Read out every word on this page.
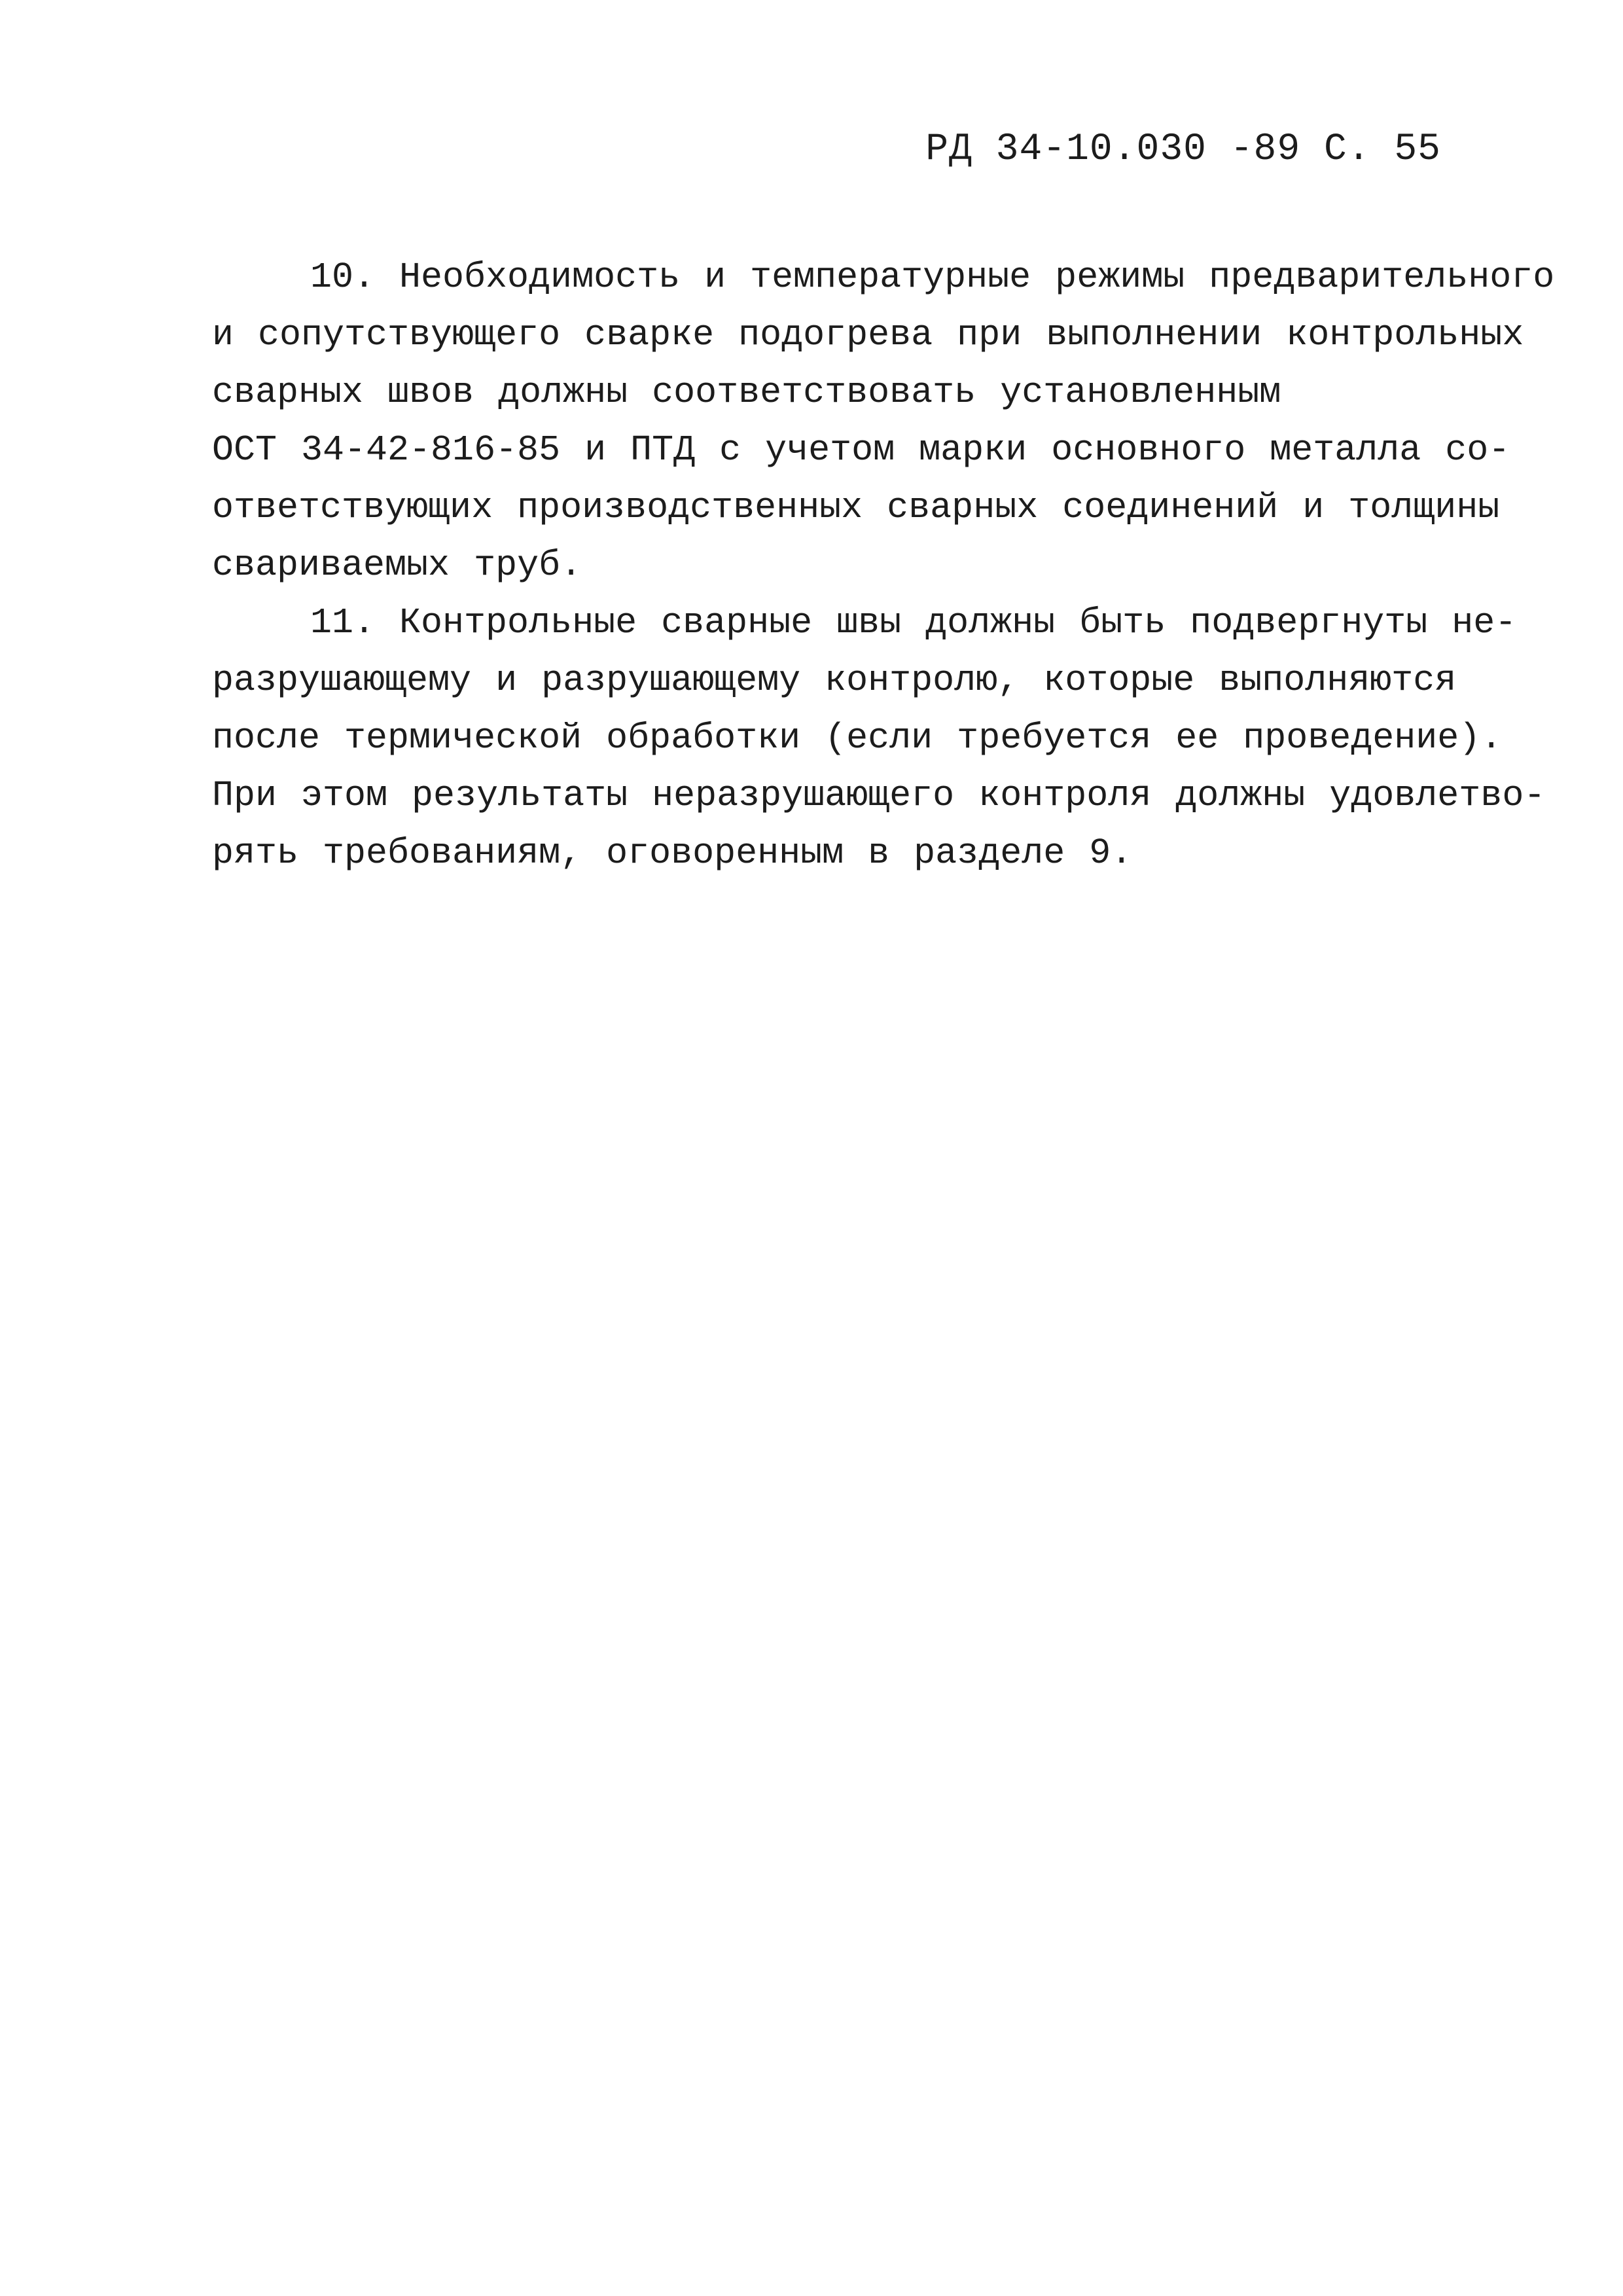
РД 34-10.030 -89 С. 55
10. Необходимость и температурные режимы предварительного
и сопутствующего сварке подогрева при выполнении контрольных
сварных швов должны соответствовать установленным
ОСТ 34-42-816-85 и ПТД с учетом марки основного металла со-
ответствующих производственных сварных соединений и толщины
свариваемых труб.
11. Контрольные сварные швы должны быть подвергнуты не-
разрушающему и разрушающему контролю, которые выполняются
после термической обработки (если требуется ее проведение).
При этом результаты неразрушающего контроля должны удовлетво-
рять требованиям, оговоренным в разделе 9.
